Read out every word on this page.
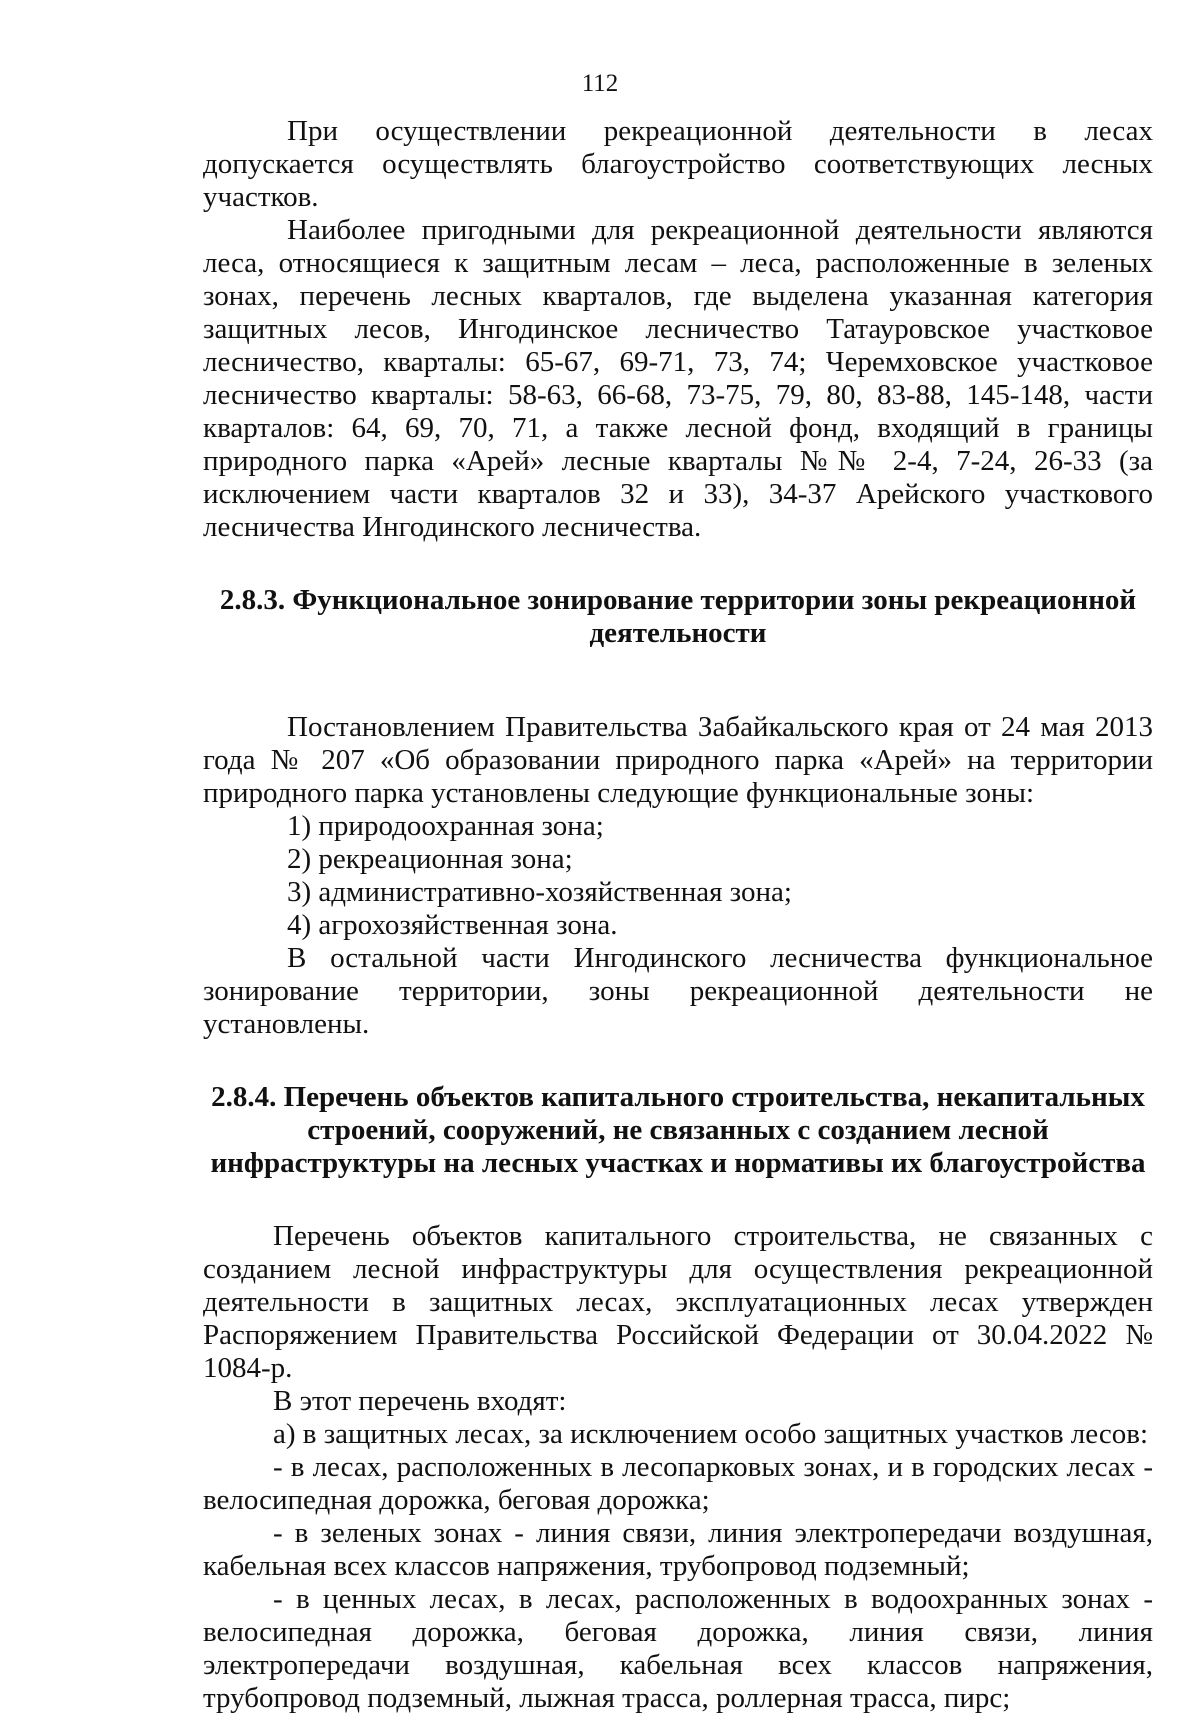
112

При осуществлении рекреационной деятельности в лесах допускается осуществлять благоустройство соответствующих лесных участков.

Наиболее пригодными для рекреационной деятельности являются леса, относящиеся к защитным лесам – леса, расположенные в зеленых зонах, перечень лесных кварталов, где выделена указанная категория защитных лесов, Ингодинское лесничество Татауровское участковое лесничество, кварталы: 65-67, 69-71, 73, 74; Черемховское участковое лесничество кварталы: 58-63, 66-68, 73-75, 79, 80, 83-88, 145-148, части кварталов: 64, 69, 70, 71, а также лесной фонд, входящий в границы природного парка «Арей» лесные кварталы №№ 2-4, 7-24, 26-33 (за исключением части кварталов 32 и 33), 34-37 Арейского участкового лесничества Ингодинского лесничества.

2.8.3. Функциональное зонирование территории зоны рекреационной деятельности

Постановлением Правительства Забайкальского края от 24 мая 2013 года № 207 «Об образовании природного парка «Арей» на территории природного парка установлены следующие функциональные зоны:

1) природоохранная зона;

2) рекреационная зона;

3) административно-хозяйственная зона;

4) агрохозяйственная зона.

В остальной части Ингодинского лесничества функциональное зонирование территории, зоны рекреационной деятельности не установлены.

2.8.4. Перечень объектов капитального строительства, некапитальных строений, сооружений, не связанных с созданием лесной инфраструктуры на лесных участках и нормативы их благоустройства

Перечень объектов капитального строительства, не связанных с созданием лесной инфраструктуры для осуществления рекреационной деятельности в защитных лесах, эксплуатационных лесах утвержден Распоряжением Правительства Российской Федерации от 30.04.2022 № 1084-р.

В этот перечень входят:

а) в защитных лесах, за исключением особо защитных участков лесов:

- в лесах, расположенных в лесопарковых зонах, и в городских лесах - велосипедная дорожка, беговая дорожка;

- в зеленых зонах - линия связи, линия электропередачи воздушная, кабельная всех классов напряжения, трубопровод подземный;

- в ценных лесах, в лесах, расположенных в водоохранных зонах - велосипедная дорожка, беговая дорожка, линия связи, линия электропередачи воздушная, кабельная всех классов напряжения, трубопровод подземный, лыжная трасса, роллерная трасса, пирс;
